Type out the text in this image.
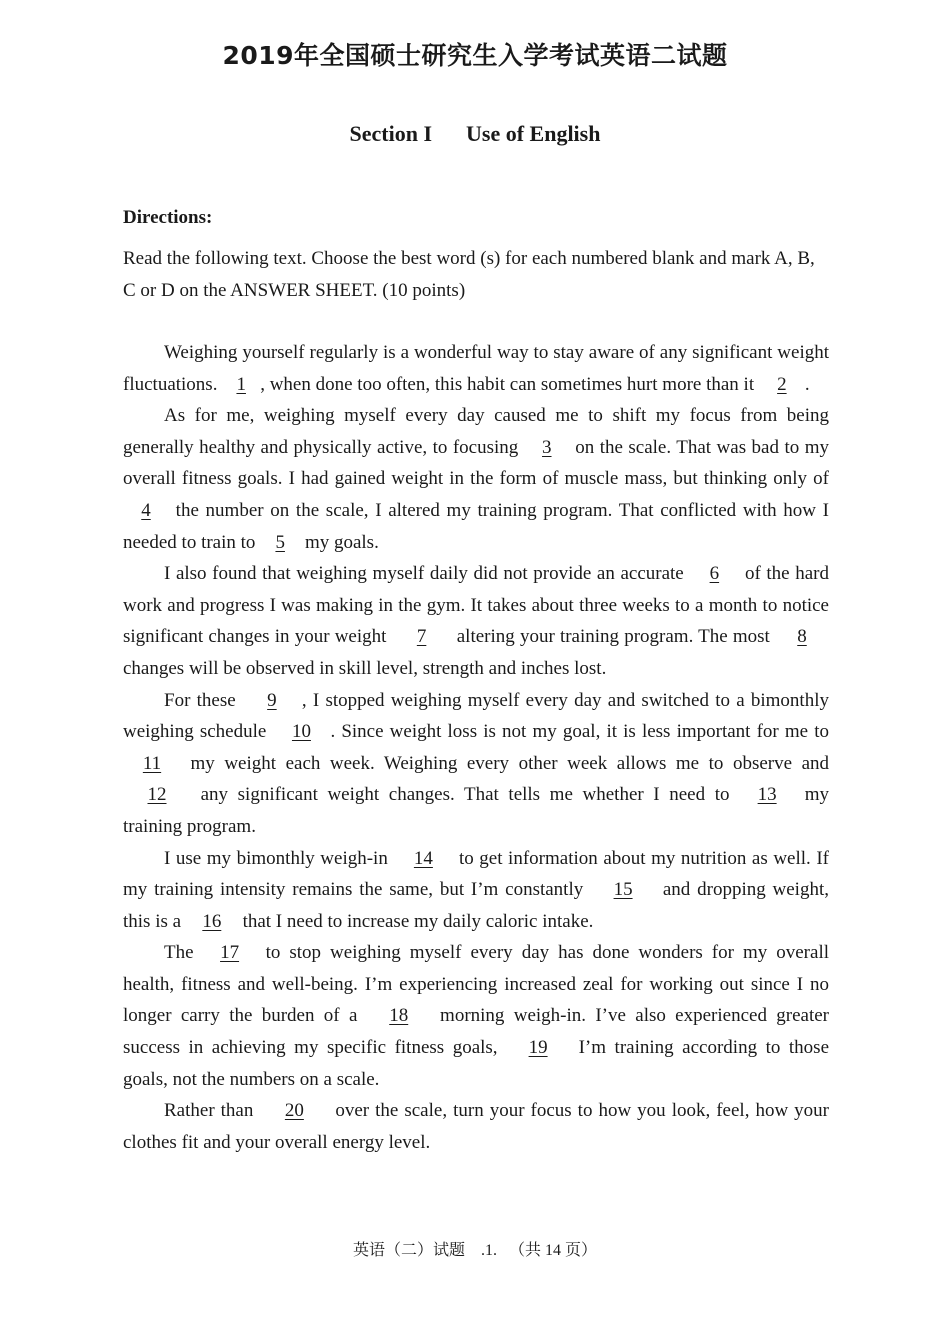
2019年全国硕士研究生入学考试英语二试题
Section I Use of English
Directions:
Read the following text. Choose the best word (s) for each numbered blank and mark A, B, C or D on the ANSWER SHEET. (10 points)

Weighing yourself regularly is a wonderful way to stay aware of any significant weight fluctuations. 1 , when done too often, this habit can sometimes hurt more than it 2 .

As for me, weighing myself every day caused me to shift my focus from being generally healthy and physically active, to focusing 3 on the scale. That was bad to my overall fitness goals. I had gained weight in the form of muscle mass, but thinking only of 4 the number on the scale, I altered my training program. That conflicted with how I needed to train to 5 my goals.

I also found that weighing myself daily did not provide an accurate 6 of the hard work and progress I was making in the gym. It takes about three weeks to a month to notice significant changes in your weight 7 altering your training program. The most 8 changes will be observed in skill level, strength and inches lost.

For these 9 , I stopped weighing myself every day and switched to a bimonthly weighing schedule 10 . Since weight loss is not my goal, it is less important for me to 11 my weight each week. Weighing every other week allows me to observe and 12 any significant weight changes. That tells me whether I need to 13 my training program.

I use my bimonthly weigh-in 14 to get information about my nutrition as well. If my training intensity remains the same, but I’m constantly 15 and dropping weight, this is a 16 that I need to increase my daily caloric intake.

The 17 to stop weighing myself every day has done wonders for my overall health, fitness and well-being. I’m experiencing increased zeal for working out since I no longer carry the burden of a 18 morning weigh-in. I’ve also experienced greater success in achieving my specific fitness goals, 19 I’m training according to those goals, not the numbers on a scale.

Rather than 20 over the scale, turn your focus to how you look, feel, how your clothes fit and your overall energy level.

英语（二）试题 .1. （共 14 页）
